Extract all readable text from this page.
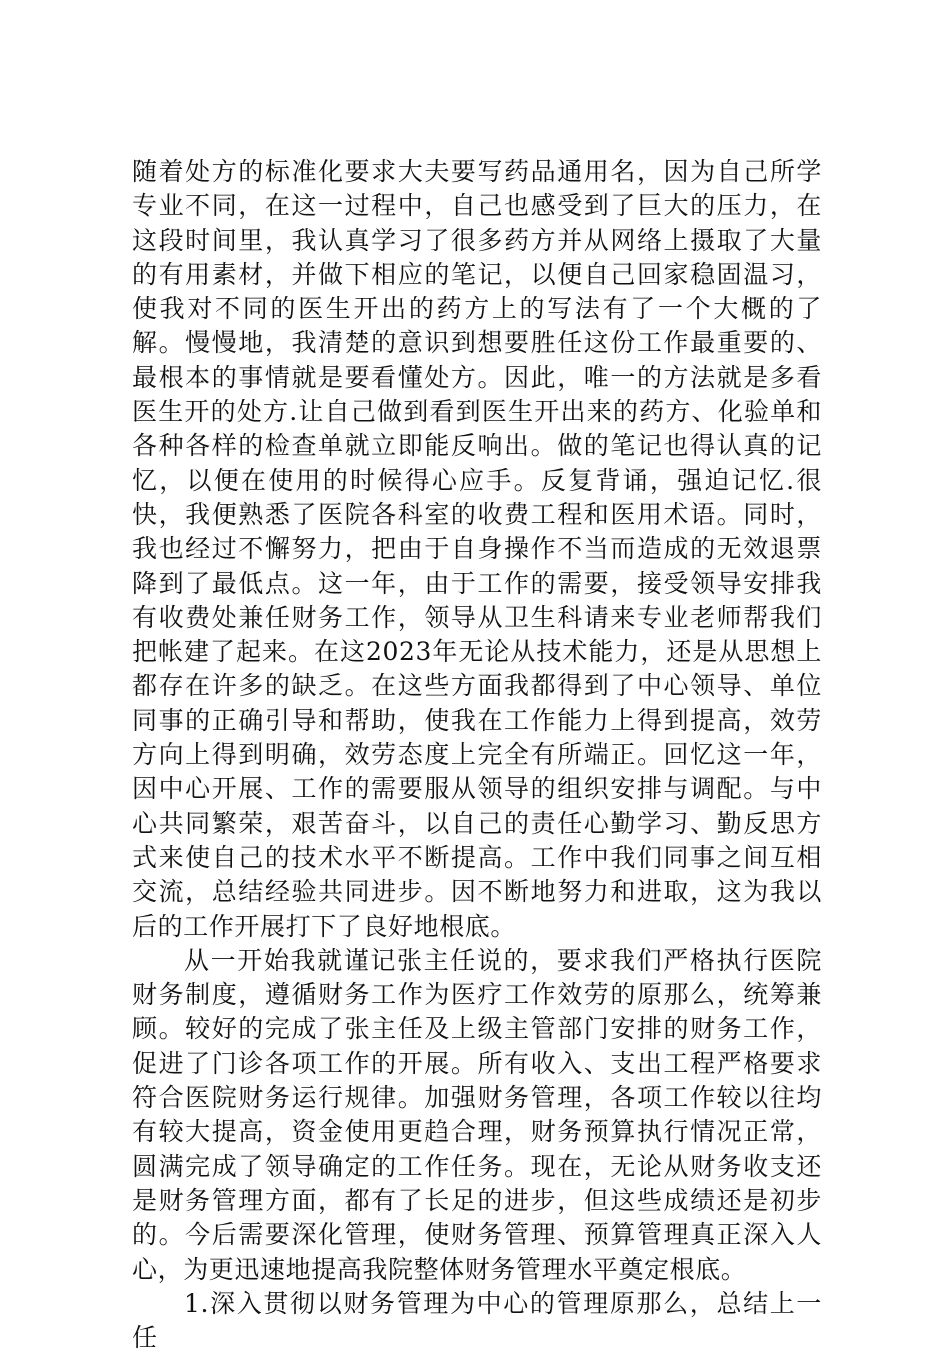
随着处方的标准化要求大夫要写药品通用名，因为自己所学专业不同，在这一过程中，自己也感受到了巨大的压力，在这段时间里，我认真学习了很多药方并从网络上摄取了大量的有用素材，并做下相应的笔记，以便自己回家稳固温习，使我对不同的医生开出的药方上的写法有了一个大概的了解。慢慢地，我清楚的意识到想要胜任这份工作最重要的、最根本的事情就是要看懂处方。因此，唯一的方法就是多看医生开的处方.让自己做到看到医生开出来的药方、化验单和各种各样的检查单就立即能反响出。做的笔记也得认真的记忆，以便在使用的时候得心应手。反复背诵，强迫记忆.很快，我便熟悉了医院各科室的收费工程和医用术语。同时，我也经过不懈努力，把由于自身操作不当而造成的无效退票降到了最低点。这一年，由于工作的需要，接受领导安排我有收费处兼任财务工作，领导从卫生科请来专业老师帮我们把帐建了起来。在这2023年无论从技术能力，还是从思想上都存在许多的缺乏。在这些方面我都得到了中心领导、单位同事的正确引导和帮助，使我在工作能力上得到提高，效劳方向上得到明确，效劳态度上完全有所端正。回忆这一年，因中心开展、工作的需要服从领导的组织安排与调配。与中心共同繁荣，艰苦奋斗，以自己的责任心勤学习、勤反思方式来使自己的技术水平不断提高。工作中我们同事之间互相交流，总结经验共同进步。因不断地努力和进取，这为我以后的工作开展打下了良好地根底。

从一开始我就谨记张主任说的，要求我们严格执行医院财务制度，遵循财务工作为医疗工作效劳的原那么，统筹兼顾。较好的完成了张主任及上级主管部门安排的财务工作，促进了门诊各项工作的开展。所有收入、支出工程严格要求符合医院财务运行规律。加强财务管理，各项工作较以往均有较大提高，资金使用更趋合理，财务预算执行情况正常，圆满完成了领导确定的工作任务。现在，无论从财务收支还是财务管理方面，都有了长足的进步，但这些成绩还是初步的。今后需要深化管理，使财务管理、预算管理真正深入人心，为更迅速地提高我院整体财务管理水平奠定根底。

1.深入贯彻以财务管理为中心的管理原那么，总结上一任
